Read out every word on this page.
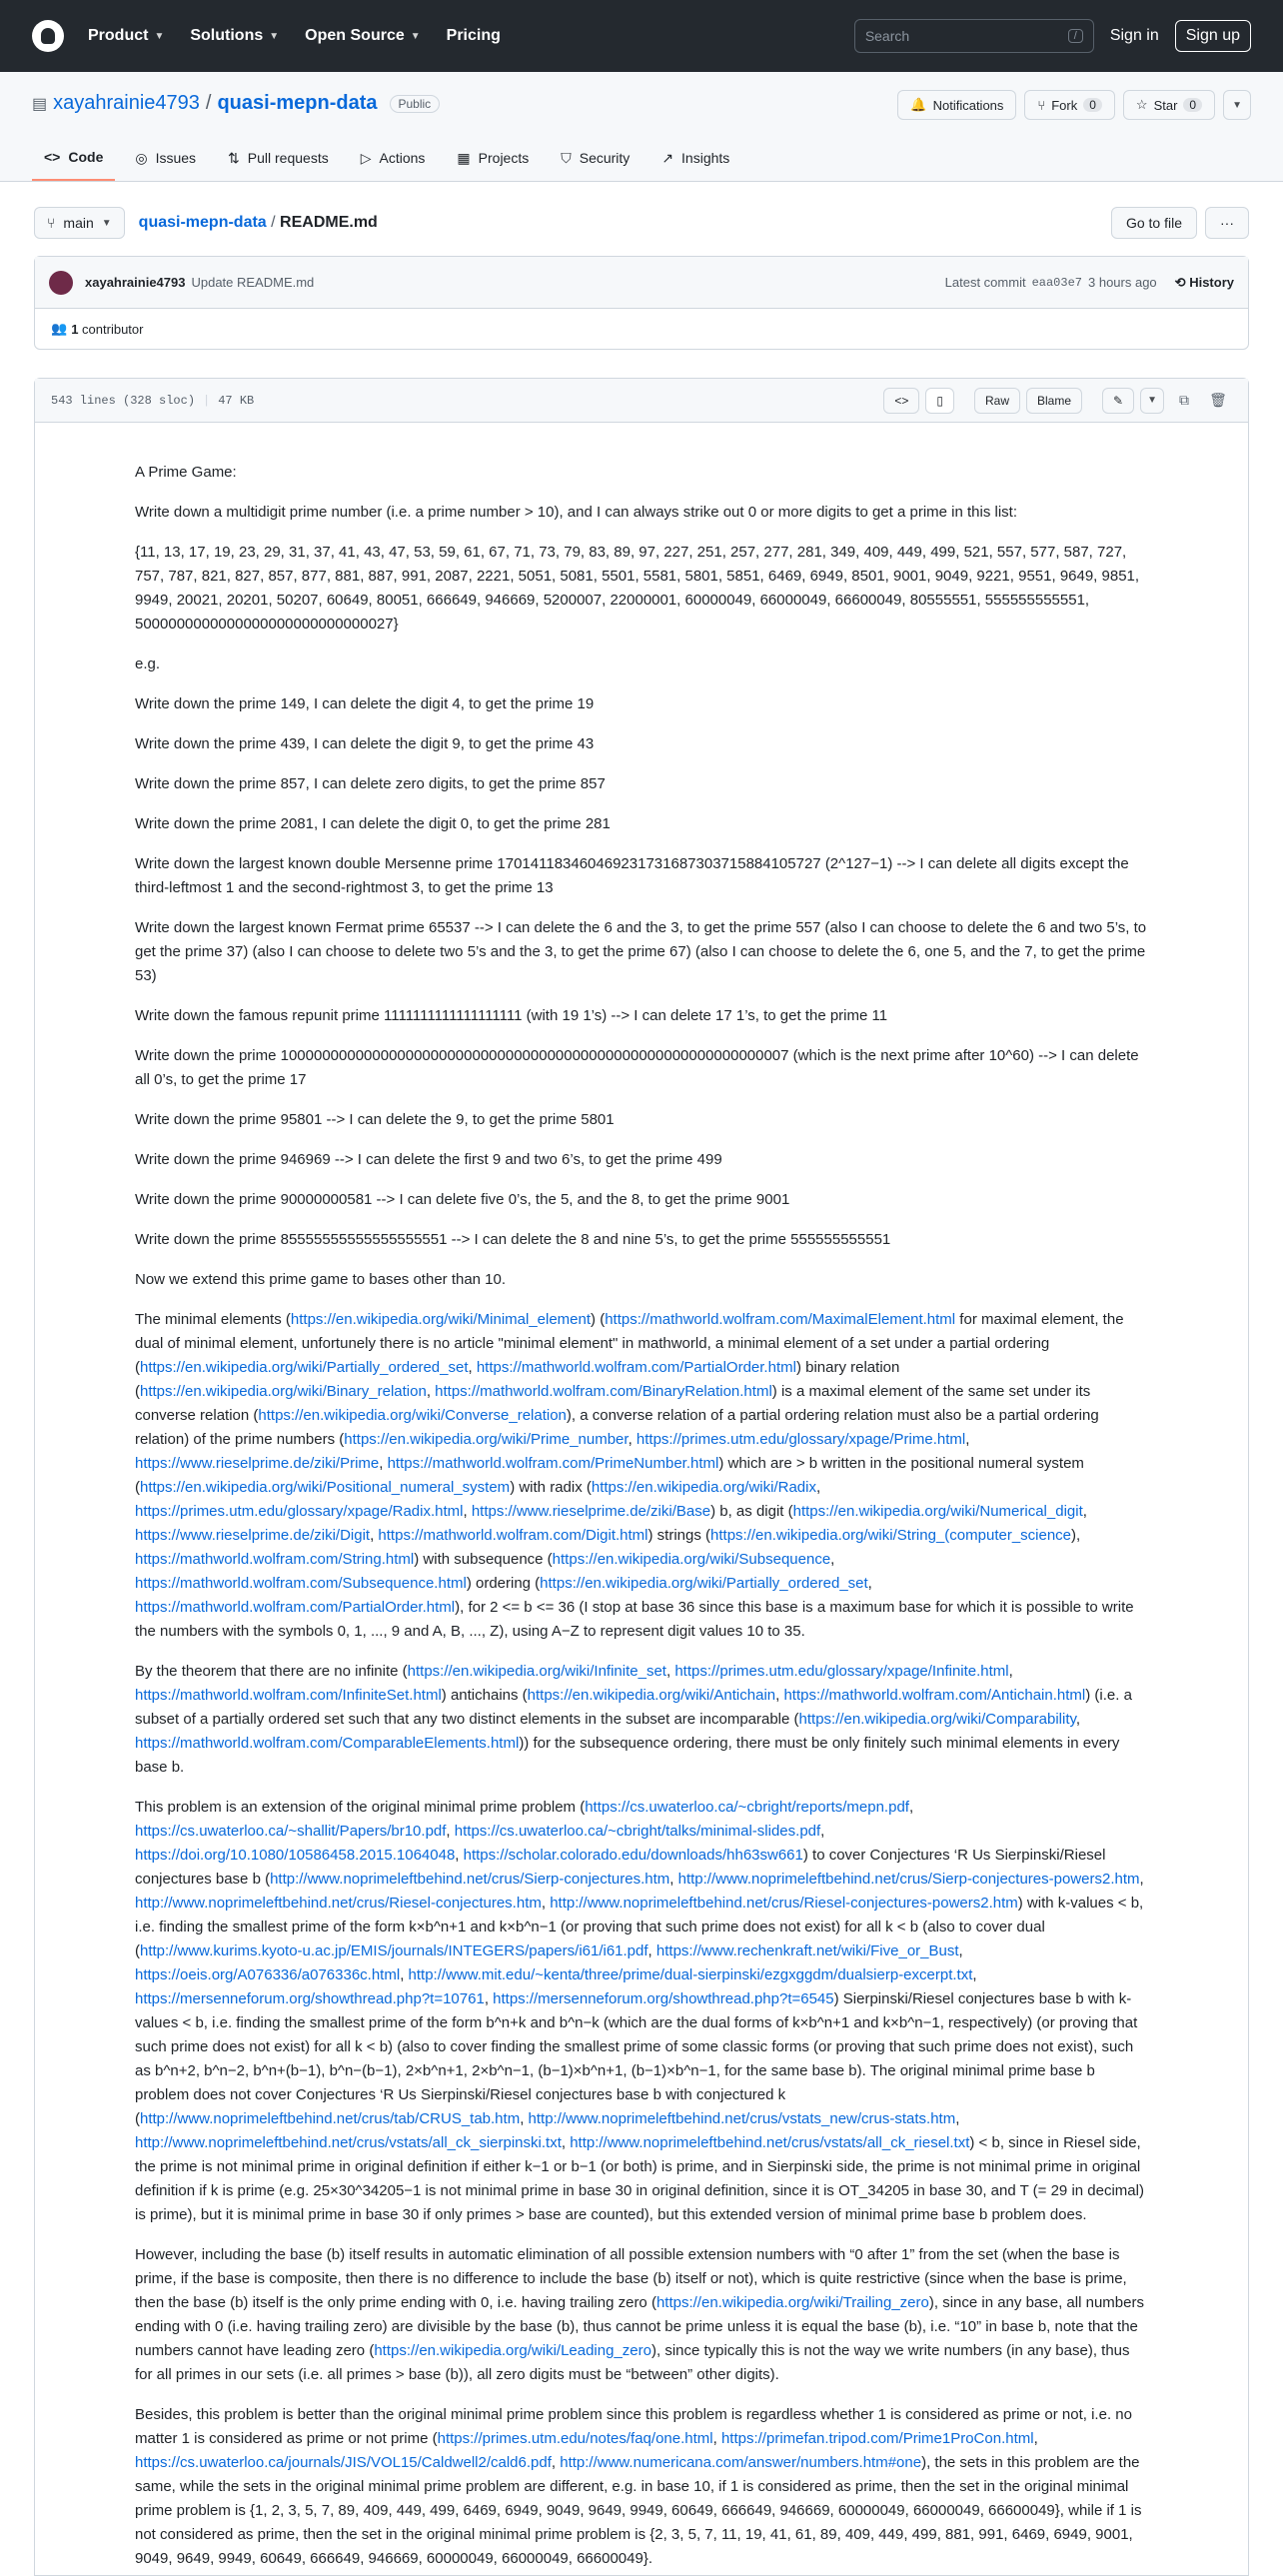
Product ▼ Solutions ▼ Open Source ▼ Pricing	Search	/	Sign in	Sign up
▤ xayahrainie4793 / quasi-mepn-data	Public	🔔 Notifications	⑂ Fork	0	☆ Star	0	▼
<> Code ◎ Issues ⇅ Pull requests ▷ Actions ▦ Projects ⛉ Security ↗ Insights
⑂ main ▼ quasi-mepn-data / README.md	Go to file	···
xayahrainie4793 Update README.md	Latest commit eaa03e7 3 hours ago ⟲ History
👥 1
contributor
543 lines (328 sloc) | 47 KB	<> ▯	Raw	Blame	✎ ▼	⧉	🗑

A Prime Game:

Write down a multidigit prime number (i.e. a prime number > 10), and I can always strike out 0 or more digits to get a prime in this list:

{11, 13, 17, 19, 23, 29, 31, 37, 41, 43, 47, 53, 59, 61, 67, 71, 73, 79, 83, 89, 97, 227, 251, 257, 277, 281, 349, 409, 449, 499, 521, 557, 577, 587, 727, 757, 787, 821, 827, 857, 877, 881, 887, 991, 2087, 2221, 5051, 5081, 5501, 5581, 5801, 5851, 6469, 6949, 8501, 9001, 9049, 9221, 9551, 9649, 9851, 9949, 20021, 20201, 50207, 60649, 80051, 666649, 946669, 5200007, 22000001, 60000049, 66000049, 66600049, 80555551, 555555555551, 5000000000000000000000000000027}

e.g.

Write down the prime 149, I can delete the digit 4, to get the prime 19

Write down the prime 439, I can delete the digit 9, to get the prime 43

Write down the prime 857, I can delete zero digits, to get the prime 857

Write down the prime 2081, I can delete the digit 0, to get the prime 281

Write down the largest known double Mersenne prime 170141183460469231731687303715884105727 (2^127−1) --> I can delete all digits except the third-leftmost 1 and the second-rightmost 3, to get the prime 13

Write down the largest known Fermat prime 65537 --> I can delete the 6 and the 3, to get the prime 557 (also I can choose to delete the 6 and two 5’s, to get the prime 37) (also I can choose to delete two 5’s and the 3, to get the prime 67) (also I can choose to delete the 6, one 5, and the 7, to get the prime 53)

Write down the famous repunit prime 1111111111111111111 (with 19 1’s) --> I can delete 17 1’s, to get the prime 11

Write down the prime 1000000000000000000000000000000000000000000000000000000000007 (which is the next prime after 10^60) --> I can delete all 0’s, to get the prime 17

Write down the prime 95801 --> I can delete the 9, to get the prime 5801

Write down the prime 946969 --> I can delete the first 9 and two 6’s, to get the prime 499

Write down the prime 90000000581 --> I can delete five 0’s, the 5, and the 8, to get the prime 9001

Write down the prime 85555555555555555551 --> I can delete the 8 and nine 5’s, to get the prime 555555555551

Now we extend this prime game to bases other than 10.

The minimal elements (https://en.wikipedia.org/wiki/Minimal_element) (https://mathworld.wolfram.com/MaximalElement.html for maximal element, the dual of minimal element, unfortunely there is no article "minimal element" in mathworld, a minimal element of a set under a partial ordering (https://en.wikipedia.org/wiki/Partially_ordered_set, https://mathworld.wolfram.com/PartialOrder.html) binary relation (https://en.wikipedia.org/wiki/Binary_relation, https://mathworld.wolfram.com/BinaryRelation.html) is a maximal element of the same set under its converse relation (https://en.wikipedia.org/wiki/Converse_relation), a converse relation of a partial ordering relation must also be a partial ordering relation) of the prime numbers (https://en.wikipedia.org/wiki/Prime_number, https://primes.utm.edu/glossary/xpage/Prime.html, https://www.rieselprime.de/ziki/Prime, https://mathworld.wolfram.com/PrimeNumber.html) which are > b written in the positional numeral system (https://en.wikipedia.org/wiki/Positional_numeral_system) with radix (https://en.wikipedia.org/wiki/Radix, https://primes.utm.edu/glossary/xpage/Radix.html, https://www.rieselprime.de/ziki/Base) b, as digit (https://en.wikipedia.org/wiki/Numerical_digit, https://www.rieselprime.de/ziki/Digit, https://mathworld.wolfram.com/Digit.html) strings (https://en.wikipedia.org/wiki/String_(computer_science), https://mathworld.wolfram.com/String.html) with subsequence (https://en.wikipedia.org/wiki/Subsequence, https://mathworld.wolfram.com/Subsequence.html) ordering (https://en.wikipedia.org/wiki/Partially_ordered_set, https://mathworld.wolfram.com/PartialOrder.html), for 2 <= b <= 36 (I stop at base 36 since this base is a maximum base for which it is possible to write the numbers with the symbols 0, 1, ..., 9 and A, B, ..., Z), using A−Z to represent digit values 10 to 35.

By the theorem that there are no infinite (https://en.wikipedia.org/wiki/Infinite_set, https://primes.utm.edu/glossary/xpage/Infinite.html, https://mathworld.wolfram.com/InfiniteSet.html) antichains (https://en.wikipedia.org/wiki/Antichain, https://mathworld.wolfram.com/Antichain.html) (i.e. a subset of a partially ordered set such that any two distinct elements in the subset are incomparable (https://en.wikipedia.org/wiki/Comparability, https://mathworld.wolfram.com/ComparableElements.html)) for the subsequence ordering, there must be only finitely such minimal elements in every base b.

This problem is an extension of the original minimal prime problem (https://cs.uwaterloo.ca/~cbright/reports/mepn.pdf, https://cs.uwaterloo.ca/~shallit/Papers/br10.pdf, https://cs.uwaterloo.ca/~cbright/talks/minimal-slides.pdf, https://doi.org/10.1080/10586458.2015.1064048, https://scholar.colorado.edu/downloads/hh63sw661) to cover Conjectures ‘R Us Sierpinski/Riesel conjectures base b (http://www.noprimeleftbehind.net/crus/Sierp-conjectures.htm, http://www.noprimeleftbehind.net/crus/Sierp-conjectures-powers2.htm, http://www.noprimeleftbehind.net/crus/Riesel-conjectures.htm, http://www.noprimeleftbehind.net/crus/Riesel-conjectures-powers2.htm) with k-values < b, i.e. finding the smallest prime of the form k×b^n+1 and k×b^n−1 (or proving that such prime does not exist) for all k < b (also to cover dual (http://www.kurims.kyoto-u.ac.jp/EMIS/journals/INTEGERS/papers/i61/i61.pdf, https://www.rechenkraft.net/wiki/Five_or_Bust, https://oeis.org/A076336/a076336c.html, http://www.mit.edu/~kenta/three/prime/dual-sierpinski/ezgxggdm/dualsierp-excerpt.txt, https://mersenneforum.org/showthread.php?t=10761, https://mersenneforum.org/showthread.php?t=6545) Sierpinski/Riesel conjectures base b with k-values < b, i.e. finding the smallest prime of the form b^n+k and b^n−k (which are the dual forms of k×b^n+1 and k×b^n−1, respectively) (or proving that such prime does not exist) for all k < b) (also to cover finding the smallest prime of some classic forms (or proving that such prime does not exist), such as b^n+2, b^n−2, b^n+(b−1), b^n−(b−1), 2×b^n+1, 2×b^n−1, (b−1)×b^n+1, (b−1)×b^n−1, for the same base b). The original minimal prime base b problem does not cover Conjectures ‘R Us Sierpinski/Riesel conjectures base b with conjectured k (http://www.noprimeleftbehind.net/crus/tab/CRUS_tab.htm, http://www.noprimeleftbehind.net/crus/vstats_new/crus-stats.htm, http://www.noprimeleftbehind.net/crus/vstats/all_ck_sierpinski.txt, http://www.noprimeleftbehind.net/crus/vstats/all_ck_riesel.txt) < b, since in Riesel side, the prime is not minimal prime in original definition if either k−1 or b−1 (or both) is prime, and in Sierpinski side, the prime is not minimal prime in original definition if k is prime (e.g. 25×30^34205−1 is not minimal prime in base 30 in original definition, since it is OT_34205 in base 30, and T (= 29 in decimal) is prime), but it is minimal prime in base 30 if only primes > base are counted), but this extended version of minimal prime base b problem does.

However, including the base (b) itself results in automatic elimination of all possible extension numbers with “0 after 1” from the set (when the base is prime, if the base is composite, then there is no difference to include the base (b) itself or not), which is quite restrictive (since when the base is prime, then the base (b) itself is the only prime ending with 0, i.e. having trailing zero (https://en.wikipedia.org/wiki/Trailing_zero), since in any base, all numbers ending with 0 (i.e. having trailing zero) are divisible by the base (b), thus cannot be prime unless it is equal the base (b), i.e. “10” in base b, note that the numbers cannot have leading zero (https://en.wikipedia.org/wiki/Leading_zero), since typically this is not the way we write numbers (in any base), thus for all primes in our sets (i.e. all primes > base (b)), all zero digits must be “between” other digits).

Besides, this problem is better than the original minimal prime problem since this problem is regardless whether 1 is considered as prime or not, i.e. no matter 1 is considered as prime or not prime (https://primes.utm.edu/notes/faq/one.html, https://primefan.tripod.com/Prime1ProCon.html, https://cs.uwaterloo.ca/journals/JIS/VOL15/Caldwell2/cald6.pdf, http://www.numericana.com/answer/numbers.htm#one), the sets in this problem are the same, while the sets in the original minimal prime problem are different, e.g. in base 10, if 1 is considered as prime, then the set in the original minimal prime problem is {1, 2, 3, 5, 7, 89, 409, 449, 499, 6469, 6949, 9049, 9649, 9949, 60649, 666649, 946669, 60000049, 66000049, 66600049}, while if 1 is not considered as prime, then the set in the original minimal prime problem is {2, 3, 5, 7, 11, 19, 41, 61, 89, 409, 449, 499, 881, 991, 6469, 6949, 9001, 9049, 9649, 9949, 60649, 666649, 946669, 60000049, 66000049, 66600049}.
